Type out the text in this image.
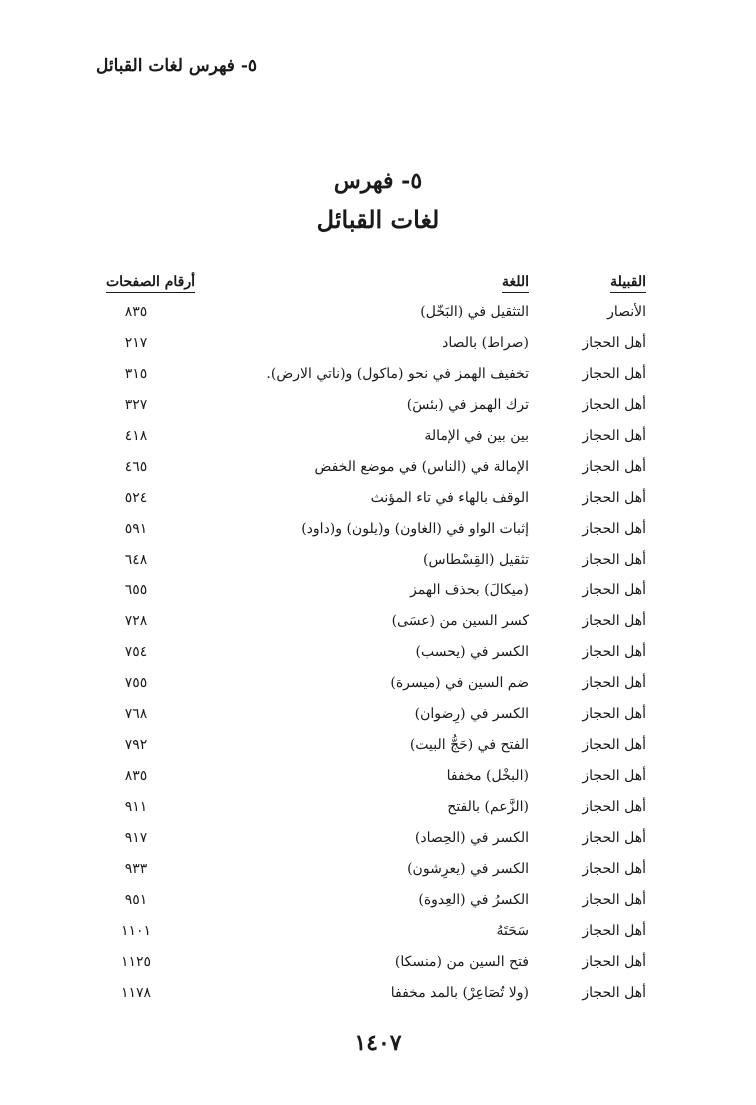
٥- فهرس لغات القبائل
٥- فهرس
لغات القبائل
القبيلة
اللغة
أرقام الصفحات
الأنصار
التثقيل في (البَخّل)
٨٣٥
أهل الحجاز
(صراط) بالصاد
٢١٧
أهل الحجاز
تخفيف الهمز في نحو (ماكول) و(ناتي الارض).
٣١٥
أهل الحجاز
ترك الهمز في (بئسَ)
٣٢٧
أهل الحجاز
بين بين في الإمالة
٤١٨
أهل الحجاز
الإمالة في (الناس) في موضع الخفض
٤٦٥
أهل الحجاز
الوقف بالهاء في تاء المؤنث
٥٢٤
أهل الحجاز
إثبات الواو في (الغاون) و(يلون) و(داود)
٥٩١
أهل الحجاز
تثقيل (القِسْطاس)
٦٤٨
أهل الحجاز
(ميكالَ) بحذف الهمز
٦٥٥
أهل الحجاز
كسر السين من (عسَى)
٧٢٨
أهل الحجاز
الكسر في (يحسب)
٧٥٤
أهل الحجاز
ضم السين في (ميسرة)
٧٥٥
أهل الحجاز
الكسر في (رِضوان)
٧٦٨
أهل الحجاز
الفتح في (حَجُّ البيت)
٧٩٢
أهل الحجاز
(البخْل) مخففا
٨٣٥
أهل الحجاز
(الزَّعم) بالفتح
٩١١
أهل الحجاز
الكسر في (الحِصاد)
٩١٧
أهل الحجاز
الكسر في (يعرِشون)
٩٣٣
أهل الحجاز
الكسرُ في (العِدوة)
٩٥١
أهل الحجاز
سَحَتَهُ
١١٠١
أهل الحجاز
فتح السين من (منسكا)
١١٢٥
أهل الحجاز
(ولا تُصَاعِرْ) بالمد مخففا
١١٧٨
١٤٠٧
